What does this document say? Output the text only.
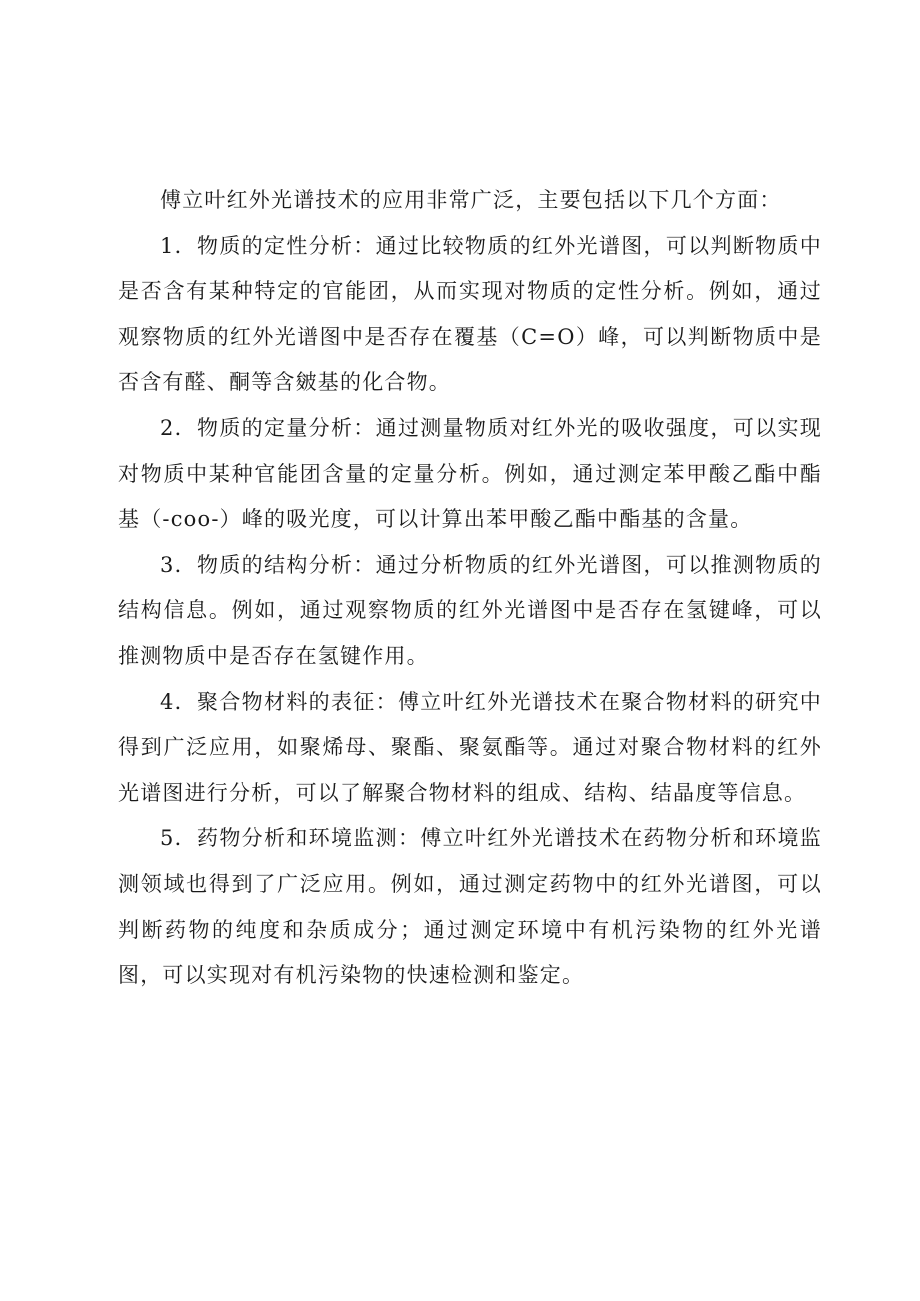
傅立叶红外光谱技术的应用非常广泛，主要包括以下几个方面：

1．物质的定性分析：通过比较物质的红外光谱图，可以判断物质中是否含有某种特定的官能团，从而实现对物质的定性分析。例如，通过观察物质的红外光谱图中是否存在覆基（C=O）峰，可以判断物质中是否含有醛、酮等含皴基的化合物。

2．物质的定量分析：通过测量物质对红外光的吸收强度，可以实现对物质中某种官能团含量的定量分析。例如，通过测定苯甲酸乙酯中酯基（-coo-）峰的吸光度，可以计算出苯甲酸乙酯中酯基的含量。

3．物质的结构分析：通过分析物质的红外光谱图，可以推测物质的结构信息。例如，通过观察物质的红外光谱图中是否存在氢键峰，可以推测物质中是否存在氢键作用。

4．聚合物材料的表征：傅立叶红外光谱技术在聚合物材料的研究中得到广泛应用，如聚烯母、聚酯、聚氨酯等。通过对聚合物材料的红外光谱图进行分析，可以了解聚合物材料的组成、结构、结晶度等信息。

5．药物分析和环境监测：傅立叶红外光谱技术在药物分析和环境监测领域也得到了广泛应用。例如，通过测定药物中的红外光谱图，可以判断药物的纯度和杂质成分；通过测定环境中有机污染物的红外光谱图，可以实现对有机污染物的快速检测和鉴定。
